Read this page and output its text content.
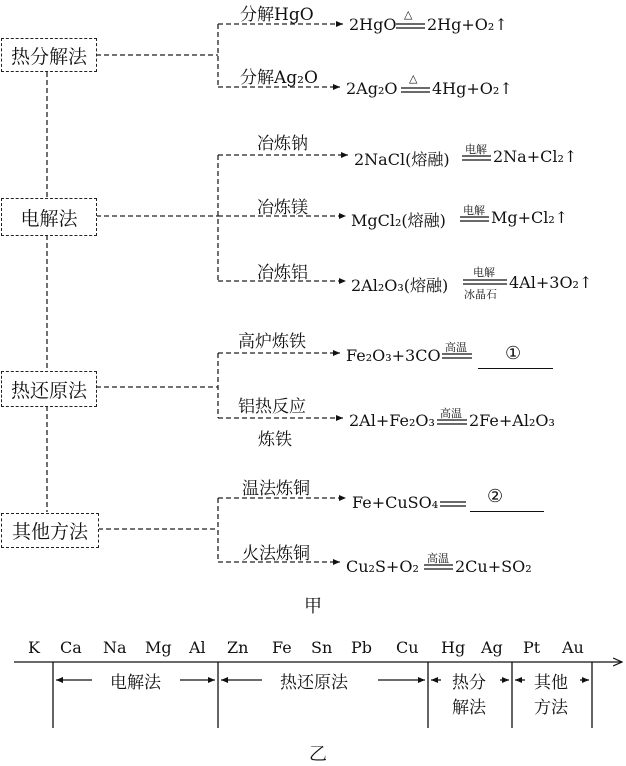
热分解法
电解法
热还原法
其他方法
分解HgO
分解Ag₂O
冶炼钠
冶炼镁
冶炼铝
高炉炼铁
铝热反应
炼铁
温法炼铜
火法炼铜
2HgO
2Ag₂O
2NaCl(熔融)
MgCl₂(熔融)
2Al₂O₃(熔融)
Fe₂O₃+3CO
2Al+Fe₂O₃
Fe+CuSO₄
Cu₂S+O₂
△
△
电解
电解
电解
冰晶石
高温
高温
高温
2Hg+O₂↑
4Hg+O₂↑
2Na+Cl₂↑
Mg+Cl₂↑
4Al+3O₂↑
2Fe+Al₂O₃
2Cu+SO₂
①
②
甲
K Ca Na Mg Al Zn Fe Sn Pb Cu Hg Ag Pt Au
电解法	热还原法	热分
解法
其他
方法
乙
